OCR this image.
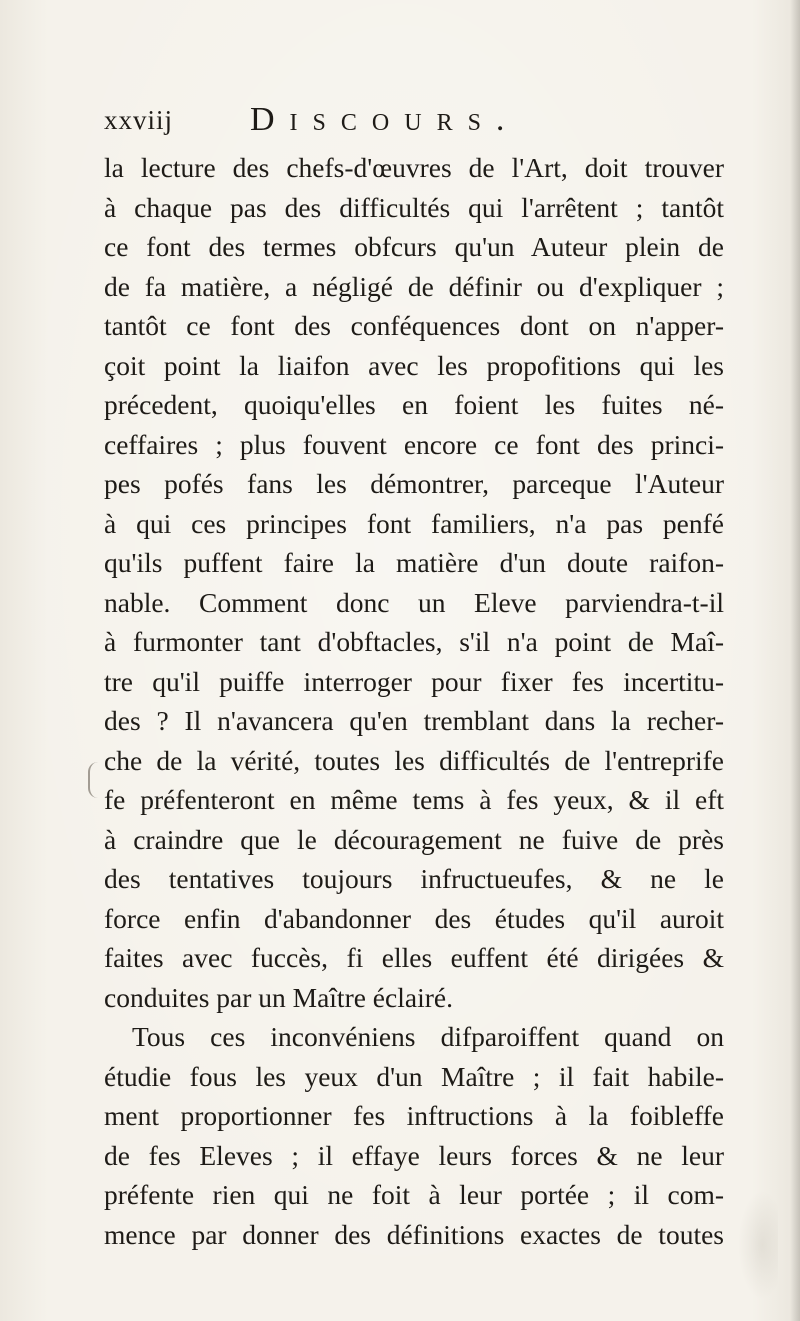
xxviij Discours.
la lecture des chefs-d'œuvres de l'Art, doit trouver
à chaque pas des difficultés qui l'arrêtent ; tantôt
ce font des termes obfcurs qu'un Auteur plein de
de fa matière, a négligé de définir ou d'expliquer ;
tantôt ce font des conféquences dont on n'apper-
çoit point la liaifon avec les propofitions qui les
précedent, quoiqu'elles en foient les fuites né-
ceffaires ; plus fouvent encore ce font des princi-
pes pofés fans les démontrer, parceque l'Auteur
à qui ces principes font familiers, n'a pas penfé
qu'ils puffent faire la matière d'un doute raifon-
nable. Comment donc un Eleve parviendra-t-il
à furmonter tant d'obftacles, s'il n'a point de Maî-
tre qu'il puiffe interroger pour fixer fes incertitu-
des ? Il n'avancera qu'en tremblant dans la recher-
che de la vérité, toutes les difficultés de l'entreprife
fe préfenteront en même tems à fes yeux, & il eft
à craindre que le découragement ne fuive de près
des tentatives toujours infructueufes, & ne le
force enfin d'abandonner des études qu'il auroit
faites avec fuccès, fi elles euffent été dirigées &
conduites par un Maître éclairé.
Tous ces inconvéniens difparoiffent quand on
étudie fous les yeux d'un Maître ; il fait habile-
ment proportionner fes inftructions à la foibleffe
de fes Eleves ; il effaye leurs forces & ne leur
préfente rien qui ne foit à leur portée ; il com-
mence par donner des définitions exactes de toutes
